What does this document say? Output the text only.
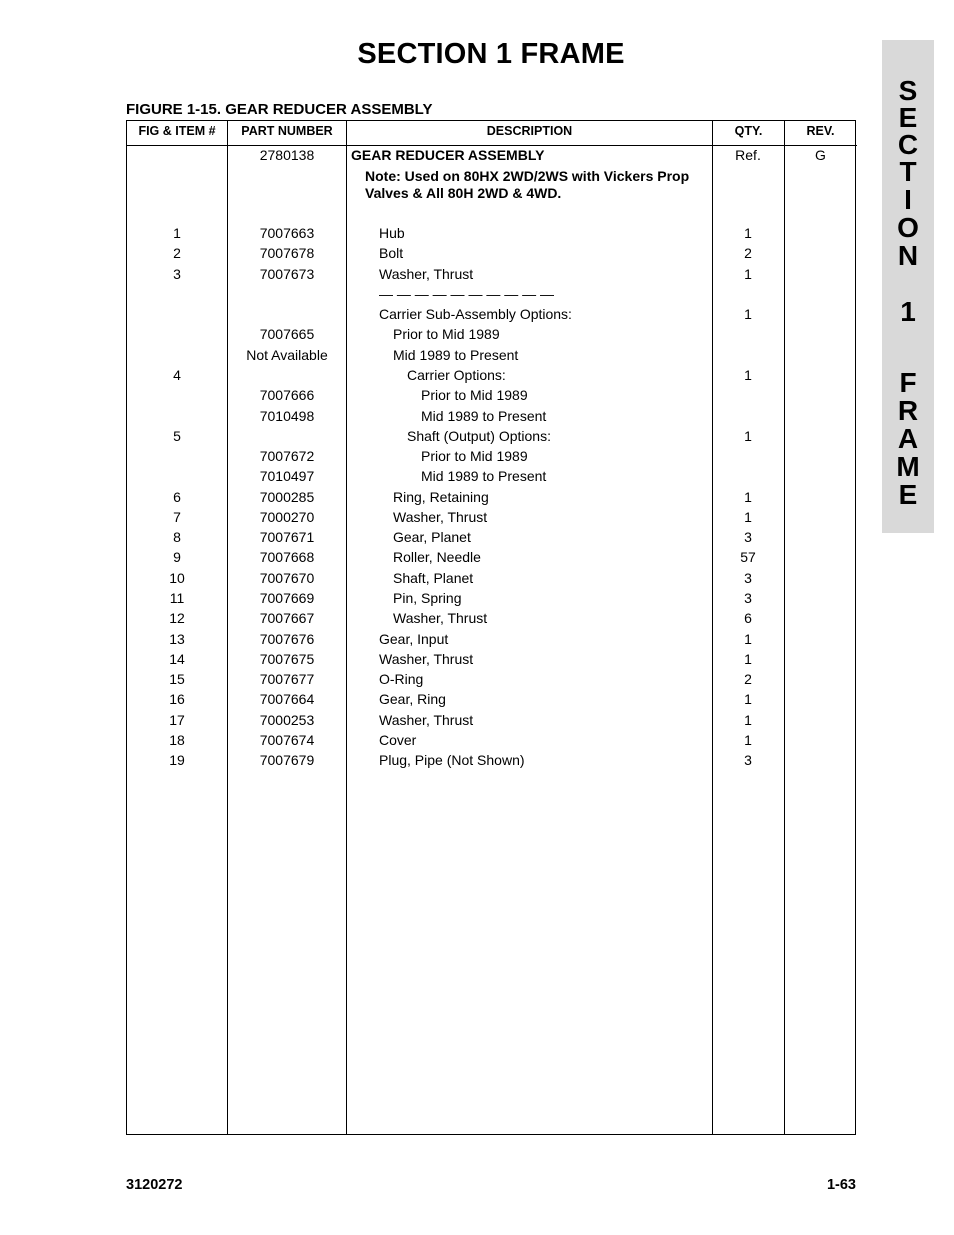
SECTION 1 FRAME
S
E
C
T
I
O
N
1
F
R
A
M
E
FIGURE 1-15. GEAR REDUCER ASSEMBLY
FIG & ITEM #	PART NUMBER	DESCRIPTION	QTY.	REV.
2780138	GEAR REDUCER ASSEMBLY	Ref.	G
Note: Used on 80HX 2WD/2WS with Vickers Prop
Valves & All 80H 2WD & 4WD.
1	7007663	Hub	1
2	7007678	Bolt	2
3	7007673	Washer, Thrust	1
— — — — — — — — — —
Carrier Sub-Assembly Options:	1
7007665	Prior to Mid 1989
Not Available	Mid 1989 to Present
4	Carrier Options:	1
7007666	Prior to Mid 1989
7010498	Mid 1989 to Present
5	Shaft (Output) Options:	1
7007672	Prior to Mid 1989
7010497	Mid 1989 to Present
6	7000285	Ring, Retaining	1
7	7000270	Washer, Thrust	1
8	7007671	Gear, Planet	3
9	7007668	Roller, Needle	57
10	7007670	Shaft, Planet	3
11	7007669	Pin, Spring	3
12	7007667	Washer, Thrust	6
13	7007676	Gear, Input	1
14	7007675	Washer, Thrust	1
15	7007677	O-Ring	2
16	7007664	Gear, Ring	1
17	7000253	Washer, Thrust	1
18	7007674	Cover	1
19	7007679	Plug, Pipe (Not Shown)	3
3120272	1-63
